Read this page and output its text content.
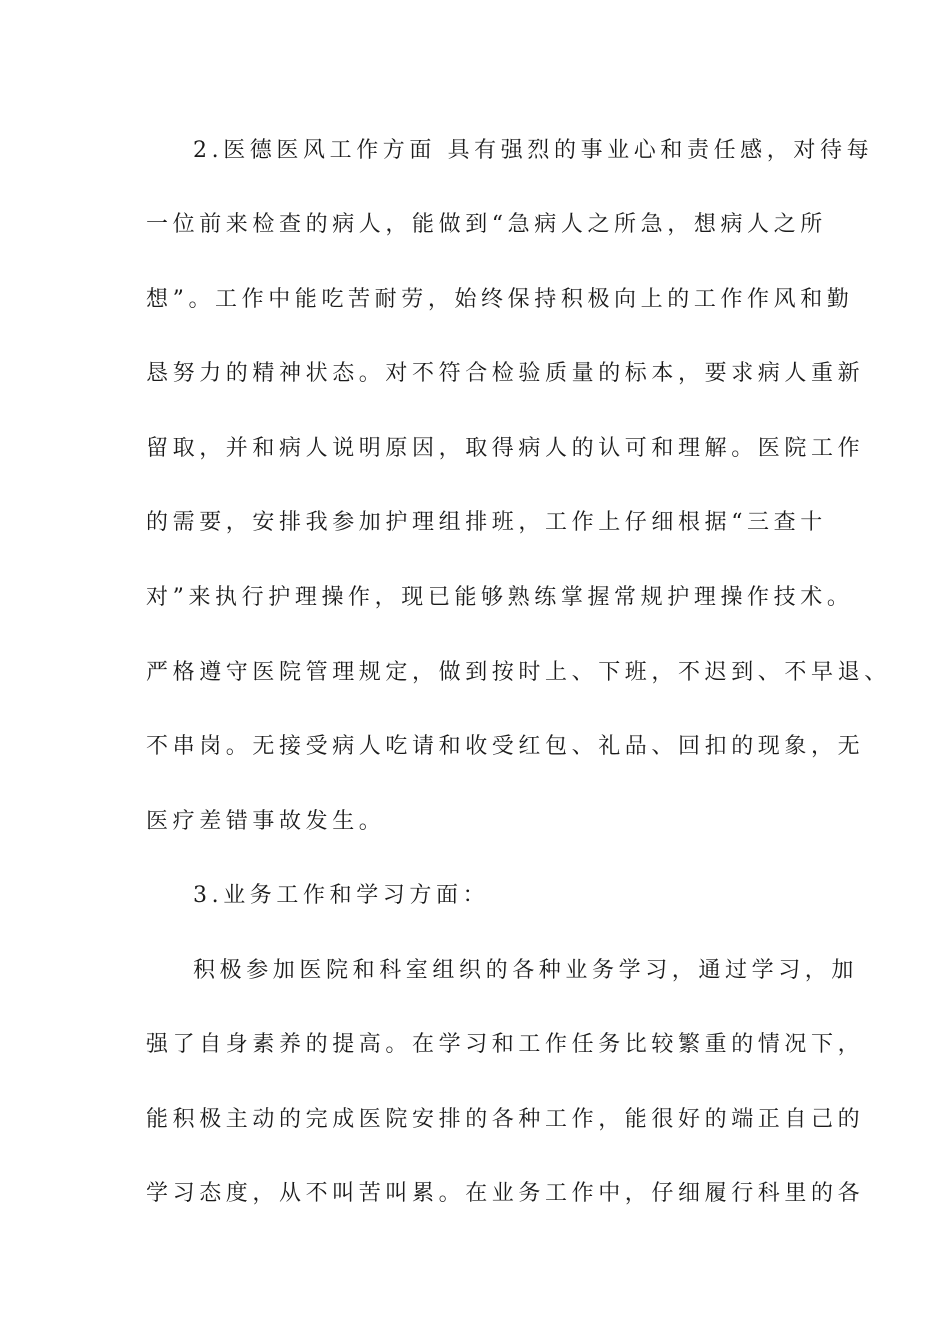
2.医德医风工作方面 具有强烈的事业心和责任感，对待每
一位前来检查的病人，能做到“急病人之所急，想病人之所
想”。工作中能吃苦耐劳，始终保持积极向上的工作作风和勤
恳努力的精神状态。对不符合检验质量的标本，要求病人重新
留取，并和病人说明原因，取得病人的认可和理解。医院工作
的需要，安排我参加护理组排班，工作上仔细根据“三查十
对”来执行护理操作，现已能够熟练掌握常规护理操作技术。
严格遵守医院管理规定，做到按时上、下班，不迟到、不早退、
不串岗。无接受病人吃请和收受红包、礼品、回扣的现象，无
医疗差错事故发生。
3.业务工作和学习方面：
积极参加医院和科室组织的各种业务学习，通过学习，加
强了自身素养的提高。在学习和工作任务比较繁重的情况下，
能积极主动的完成医院安排的各种工作，能很好的端正自己的
学习态度，从不叫苦叫累。在业务工作中，仔细履行科里的各
